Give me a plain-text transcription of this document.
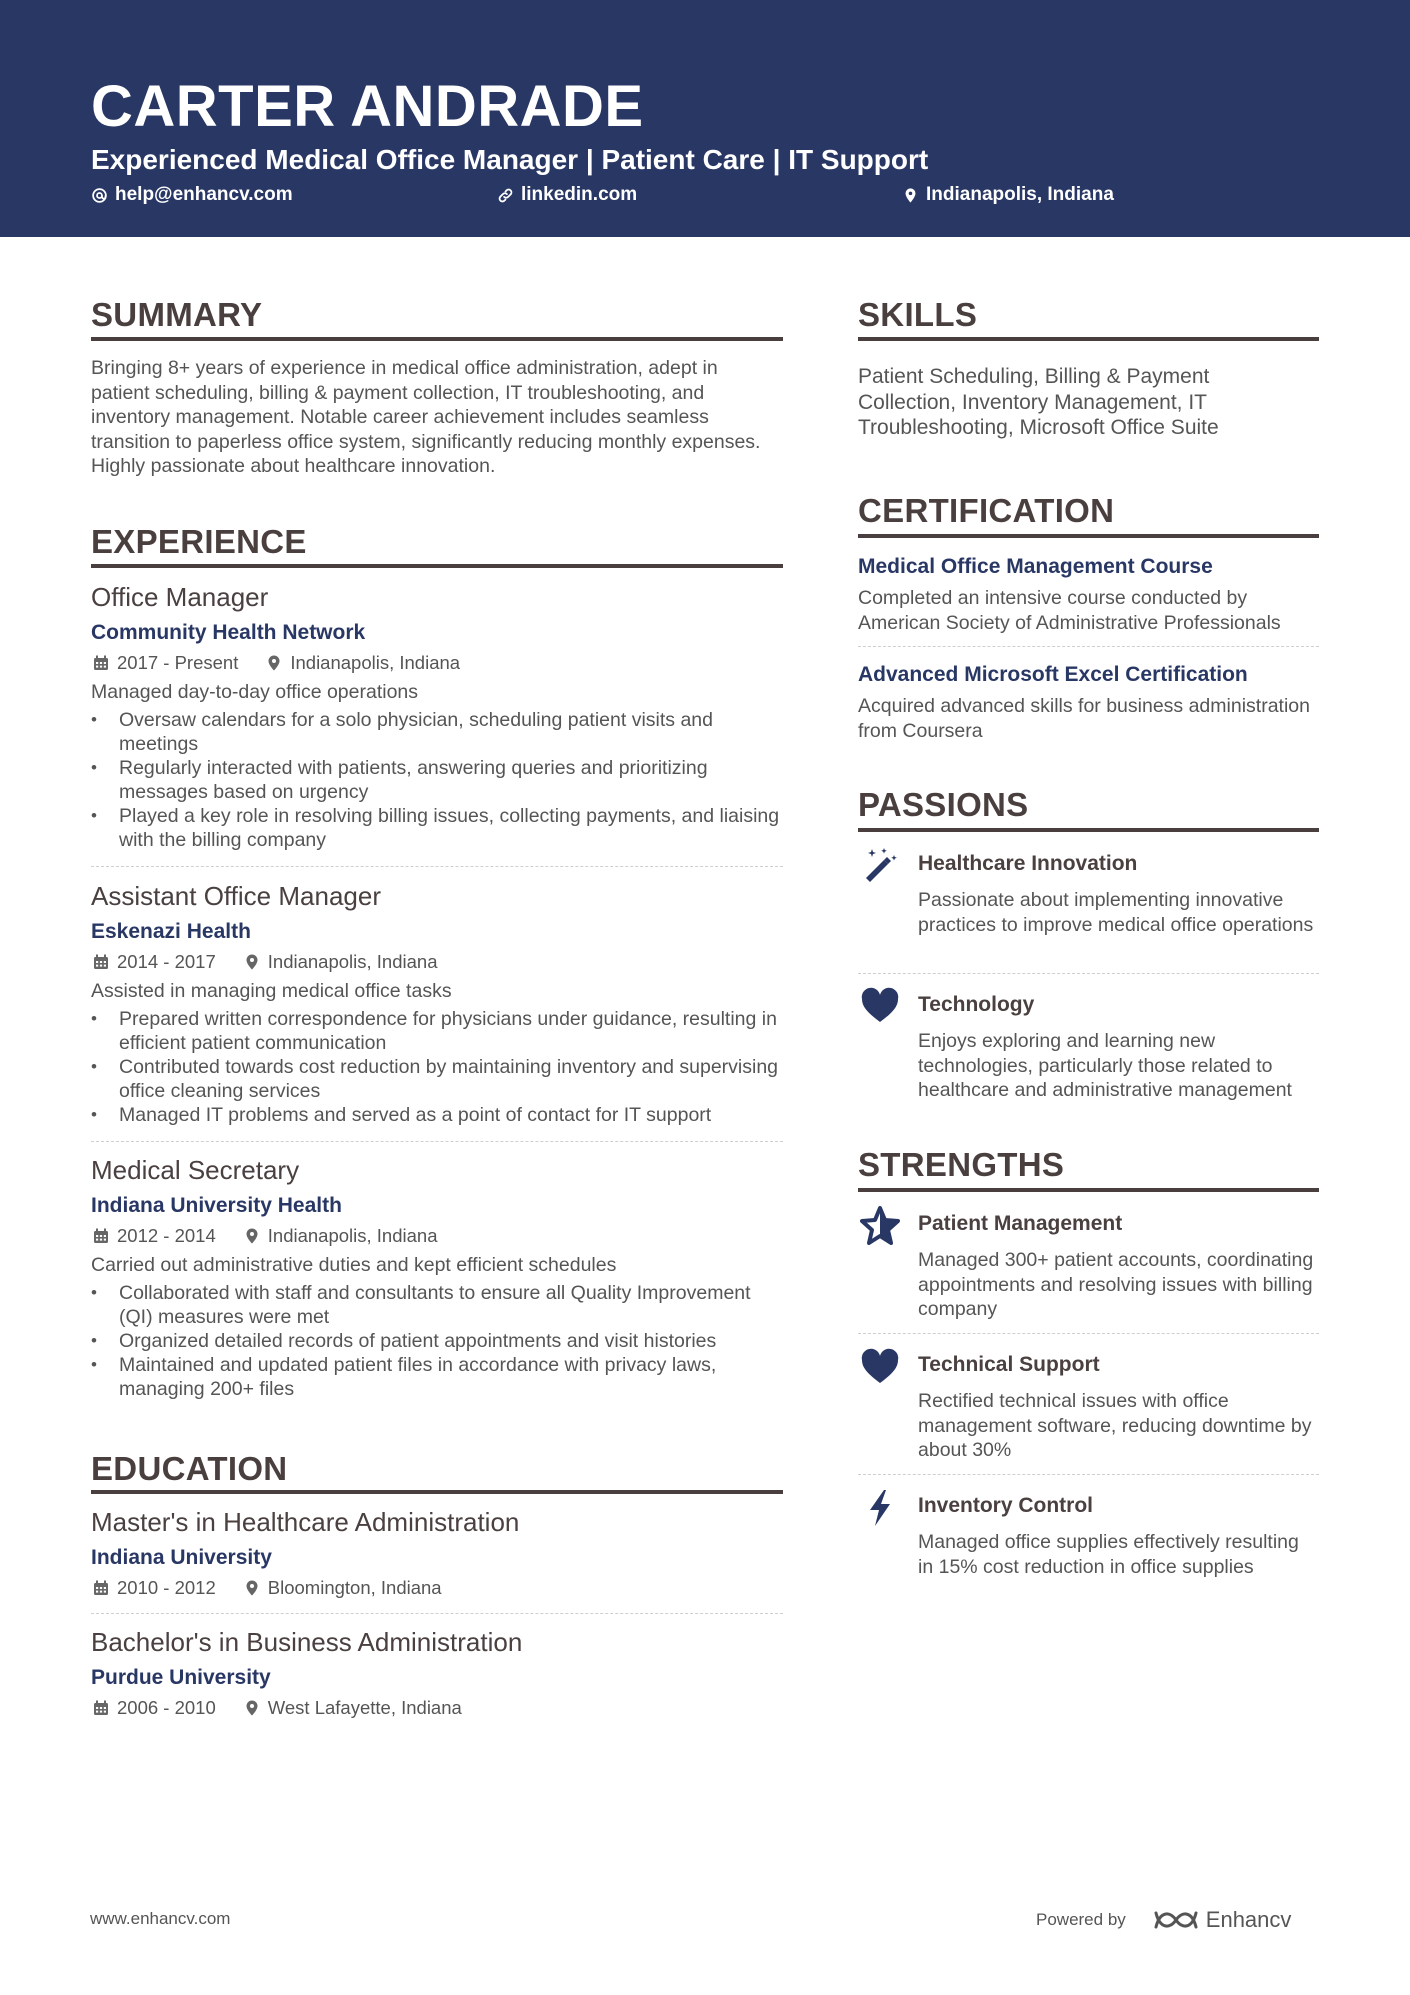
CARTER ANDRADE
Experienced Medical Office Manager | Patient Care | IT Support
help@enhancv.com	linkedin.com	Indianapolis, Indiana
SUMMARY
Bringing 8+ years of experience in medical office administration, adept in patient scheduling, billing & payment collection, IT troubleshooting, and inventory management. Notable career achievement includes seamless transition to paperless office system, significantly reducing monthly expenses. Highly passionate about healthcare innovation.
EXPERIENCE
Office Manager
Community Health Network
2017 - Present	Indianapolis, Indiana
Managed day-to-day office operations
• Oversaw calendars for a solo physician, scheduling patient visits and meetings
• Regularly interacted with patients, answering queries and prioritizing messages based on urgency
• Played a key role in resolving billing issues, collecting payments, and liaising with the billing company
Assistant Office Manager
Eskenazi Health
2014 - 2017	Indianapolis, Indiana
Assisted in managing medical office tasks
• Prepared written correspondence for physicians under guidance, resulting in efficient patient communication
• Contributed towards cost reduction by maintaining inventory and supervising office cleaning services
• Managed IT problems and served as a point of contact for IT support
Medical Secretary
Indiana University Health
2012 - 2014	Indianapolis, Indiana
Carried out administrative duties and kept efficient schedules
• Collaborated with staff and consultants to ensure all Quality Improvement (QI) measures were met
• Organized detailed records of patient appointments and visit histories
• Maintained and updated patient files in accordance with privacy laws, managing 200+ files
EDUCATION
Master's in Healthcare Administration
Indiana University
2010 - 2012	Bloomington, Indiana
Bachelor's in Business Administration
Purdue University
2006 - 2010	West Lafayette, Indiana
SKILLS
Patient Scheduling, Billing & Payment Collection, Inventory Management, IT Troubleshooting, Microsoft Office Suite
CERTIFICATION
Medical Office Management Course
Completed an intensive course conducted by American Society of Administrative Professionals
Advanced Microsoft Excel Certification
Acquired advanced skills for business administration from Coursera
PASSIONS
Healthcare Innovation
Passionate about implementing innovative practices to improve medical office operations
Technology
Enjoys exploring and learning new technologies, particularly those related to healthcare and administrative management
STRENGTHS
Patient Management
Managed 300+ patient accounts, coordinating appointments and resolving issues with billing company
Technical Support
Rectified technical issues with office management software, reducing downtime by about 30%
Inventory Control
Managed office supplies effectively resulting in 15% cost reduction in office supplies
www.enhancv.com	Powered by	Enhancv
